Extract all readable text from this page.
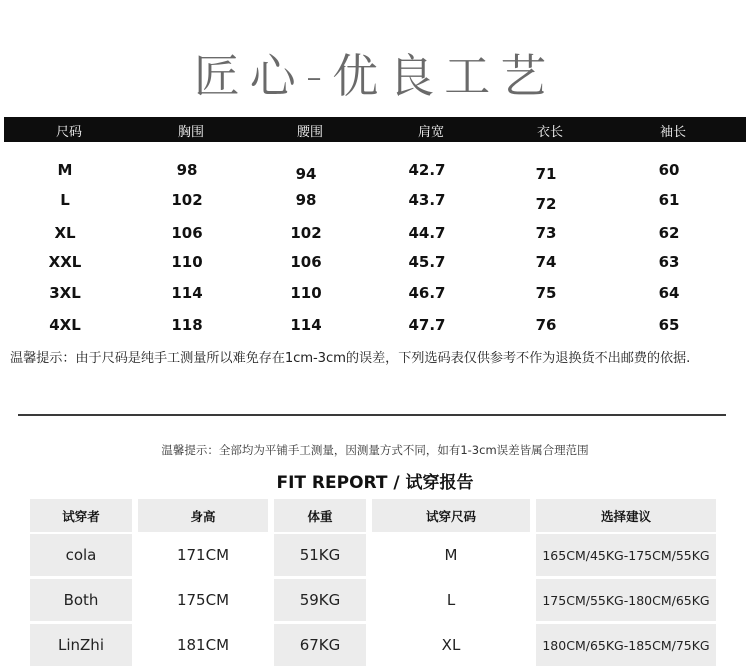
匠心-优良工艺
尺码	胸围	腰围	肩宽	衣长	袖长
M	98	94	42.7	71	60
L	102	98	43.7	72	61
XL	106	102	44.7	73	62
XXL	110	106	45.7	74	63
3XL	114	110	46.7	75	64
4XL	118	114	47.7	76	65
温馨提示：由于尺码是纯手工测量所以难免存在1cm-3cm的误差，下列选码表仅供参考不作为退换货不出邮费的依据.
温馨提示：全部均为平铺手工测量，因测量方式不同，如有1-3cm误差皆属合理范围
FIT REPORT / 试穿报告
试穿者	身高	体重	试穿尺码	选择建议
cola	171CM	51KG	M	165CM/45KG-175CM/55KG
Both	175CM	59KG	L	175CM/55KG-180CM/65KG
LinZhi	181CM	67KG	XL	180CM/65KG-185CM/75KG
